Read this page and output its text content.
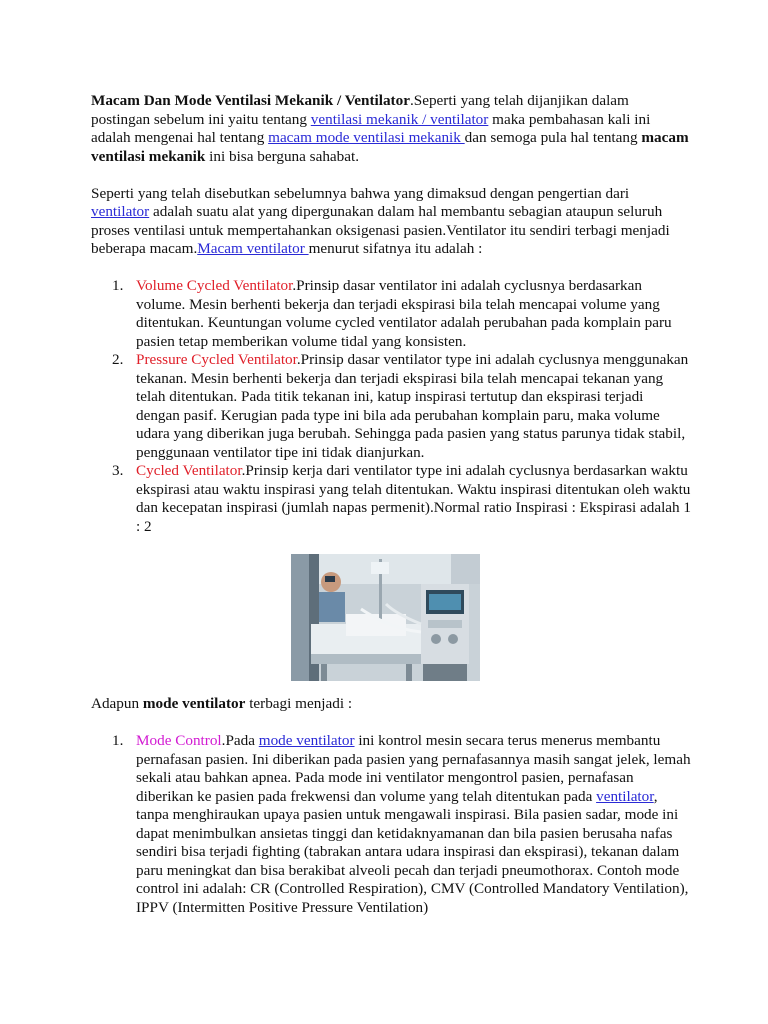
Macam Dan Mode Ventilasi Mekanik / Ventilator.Seperti yang telah dijanjikan dalam postingan sebelum ini yaitu tentang ventilasi mekanik / ventilator maka pembahasan kali ini adalah mengenai hal tentang macam mode ventilasi mekanik dan semoga pula hal tentang macam ventilasi mekanik ini bisa berguna sahabat.

Seperti yang telah disebutkan sebelumnya bahwa yang dimaksud dengan pengertian dari ventilator adalah suatu alat yang dipergunakan dalam hal membantu sebagian ataupun seluruh proses ventilasi untuk mempertahankan oksigenasi pasien.Ventilator itu sendiri terbagi menjadi beberapa macam.Macam ventilator menurut sifatnya itu adalah :

1. Volume Cycled Ventilator.Prinsip dasar ventilator ini adalah cyclusnya berdasarkan volume. Mesin berhenti bekerja dan terjadi ekspirasi bila telah mencapai volume yang ditentukan. Keuntungan volume cycled ventilator adalah perubahan pada komplain paru pasien tetap memberikan volume tidal yang konsisten.
2. Pressure Cycled Ventilator.Prinsip dasar ventilator type ini adalah cyclusnya menggunakan tekanan. Mesin berhenti bekerja dan terjadi ekspirasi bila telah mencapai tekanan yang telah ditentukan. Pada titik tekanan ini, katup inspirasi tertutup dan ekspirasi terjadi dengan pasif. Kerugian pada type ini bila ada perubahan komplain paru, maka volume udara yang diberikan juga berubah. Sehingga pada pasien yang status parunya tidak stabil, penggunaan ventilator tipe ini tidak dianjurkan.
3. Cycled Ventilator.Prinsip kerja dari ventilator type ini adalah cyclusnya berdasarkan waktu ekspirasi atau waktu inspirasi yang telah ditentukan. Waktu inspirasi ditentukan oleh waktu dan kecepatan inspirasi (jumlah napas permenit).Normal ratio Inspirasi : Ekspirasi adalah 1 : 2

Adapun mode ventilator terbagi menjadi :

1. Mode Control.Pada mode ventilator ini kontrol mesin secara terus menerus membantu pernafasan pasien. Ini diberikan pada pasien yang pernafasannya masih sangat jelek, lemah sekali atau bahkan apnea. Pada mode ini ventilator mengontrol pasien, pernafasan diberikan ke pasien pada frekwensi dan volume yang telah ditentukan pada ventilator, tanpa menghiraukan upaya pasien untuk mengawali inspirasi. Bila pasien sadar, mode ini dapat menimbulkan ansietas tinggi dan ketidaknyamanan dan bila pasien berusaha nafas sendiri bisa terjadi fighting (tabrakan antara udara inspirasi dan ekspirasi), tekanan dalam paru meningkat dan bisa berakibat alveoli pecah dan terjadi pneumothorax. Contoh mode control ini adalah: CR (Controlled Respiration), CMV (Controlled Mandatory Ventilation), IPPV (Intermitten Positive Pressure Ventilation)
